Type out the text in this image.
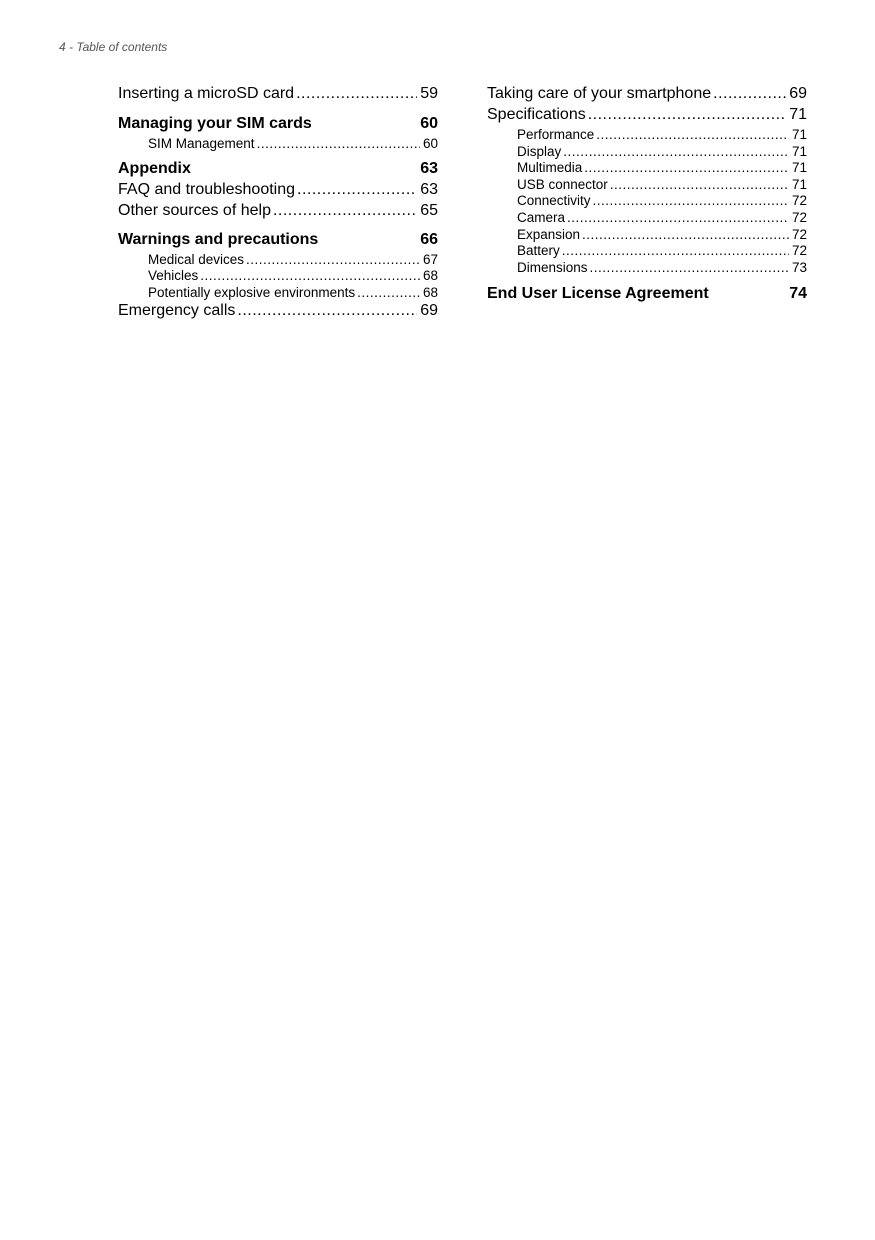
4 - Table of contents
Inserting a microSD card .....	59
Managing your SIM cards	60
SIM Management .....	60
Appendix	63
FAQ and troubleshooting .....	63
Other sources of help .....	65
Warnings and precautions	66
Medical devices .....	67
Vehicles .....	68
Potentially explosive environments .....	68
Emergency calls .....	69
Taking care of your smartphone .....	69
Specifications .....	71
Performance .....	71
Display .....	71
Multimedia .....	71
USB connector .....	71
Connectivity .....	72
Camera .....	72
Expansion .....	72
Battery .....	72
Dimensions .....	73
End User License Agreement	74
